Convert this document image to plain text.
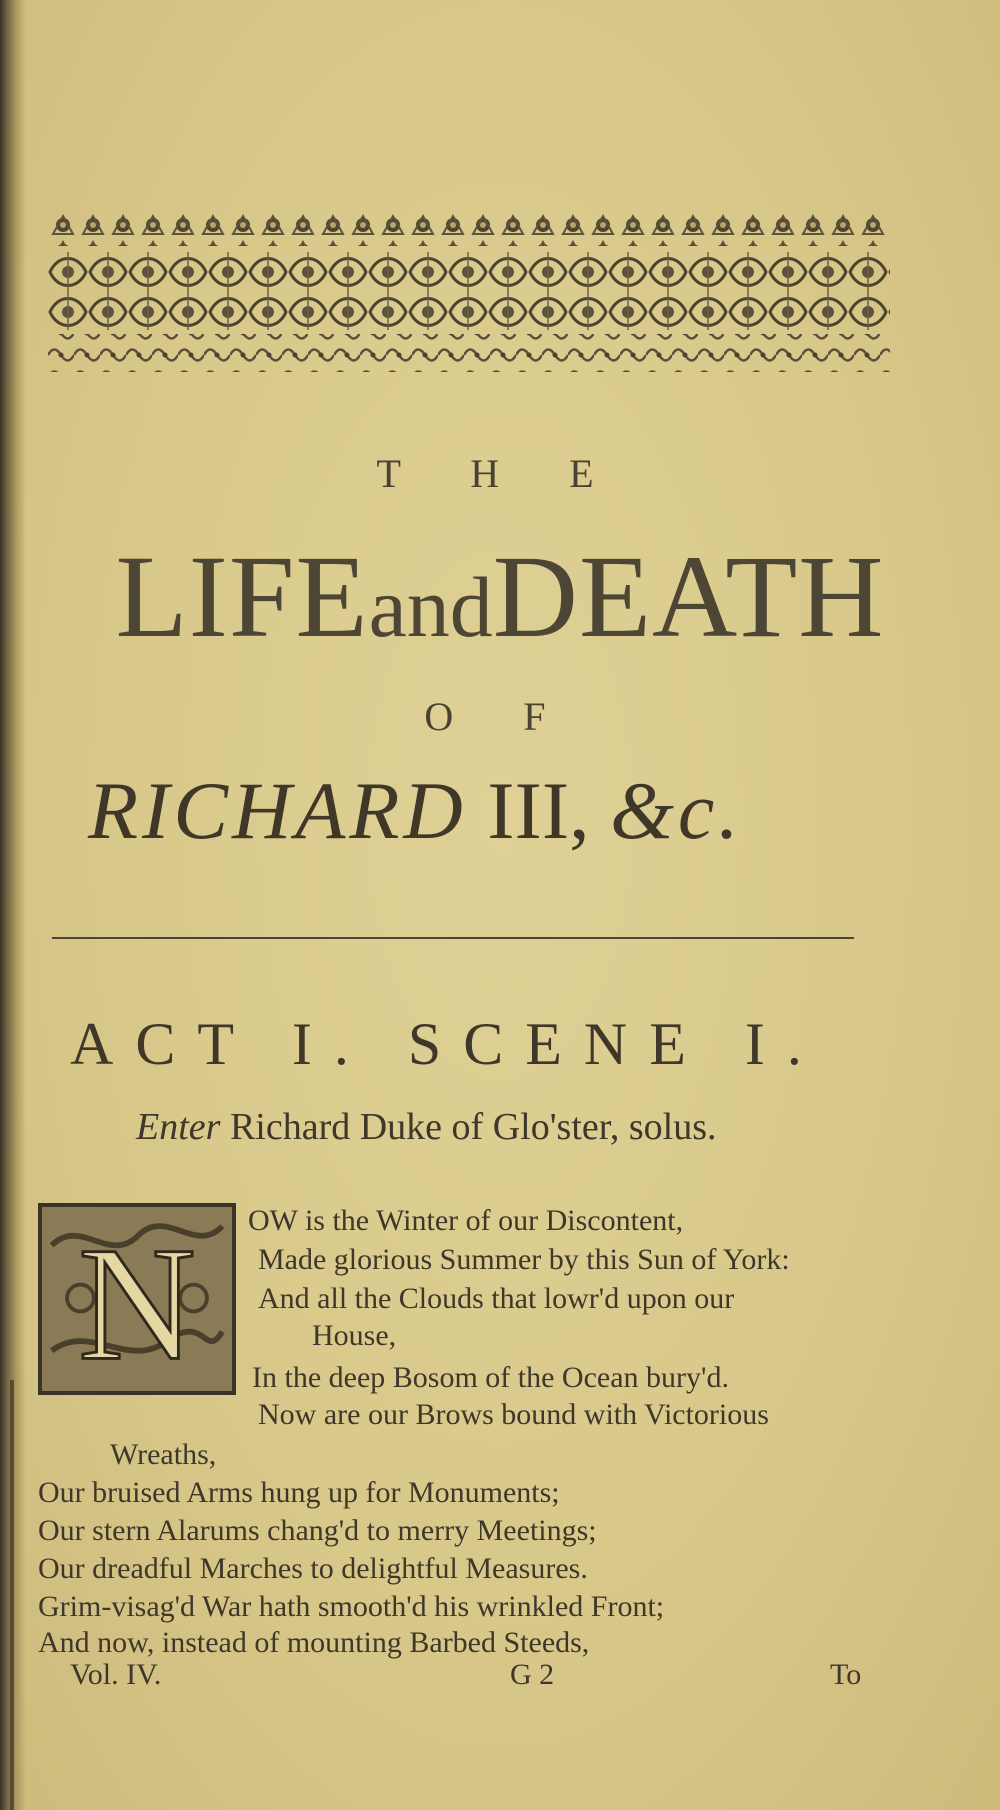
T H E
LIFEandDEATH
O F
RICHARD III, &c.
ACT I. SCENE I.
Enter Richard Duke of Glo'ster, solus.
N OW is the Winter of our Discontent,
Made glorious Summer by this Sun of York:
And all the Clouds that lowr'd upon our
House,
In the deep Bosom of the Ocean bury'd.
Now are our Brows bound with Victorious
Wreaths,
Our bruised Arms hung up for Monuments;
Our stern Alarums chang'd to merry Meetings;
Our dreadful Marches to delightful Measures.
Grim-visag'd War hath smooth'd his wrinkled Front;
And now, instead of mounting Barbed Steeds,
Vol. IV.	G 2	To
